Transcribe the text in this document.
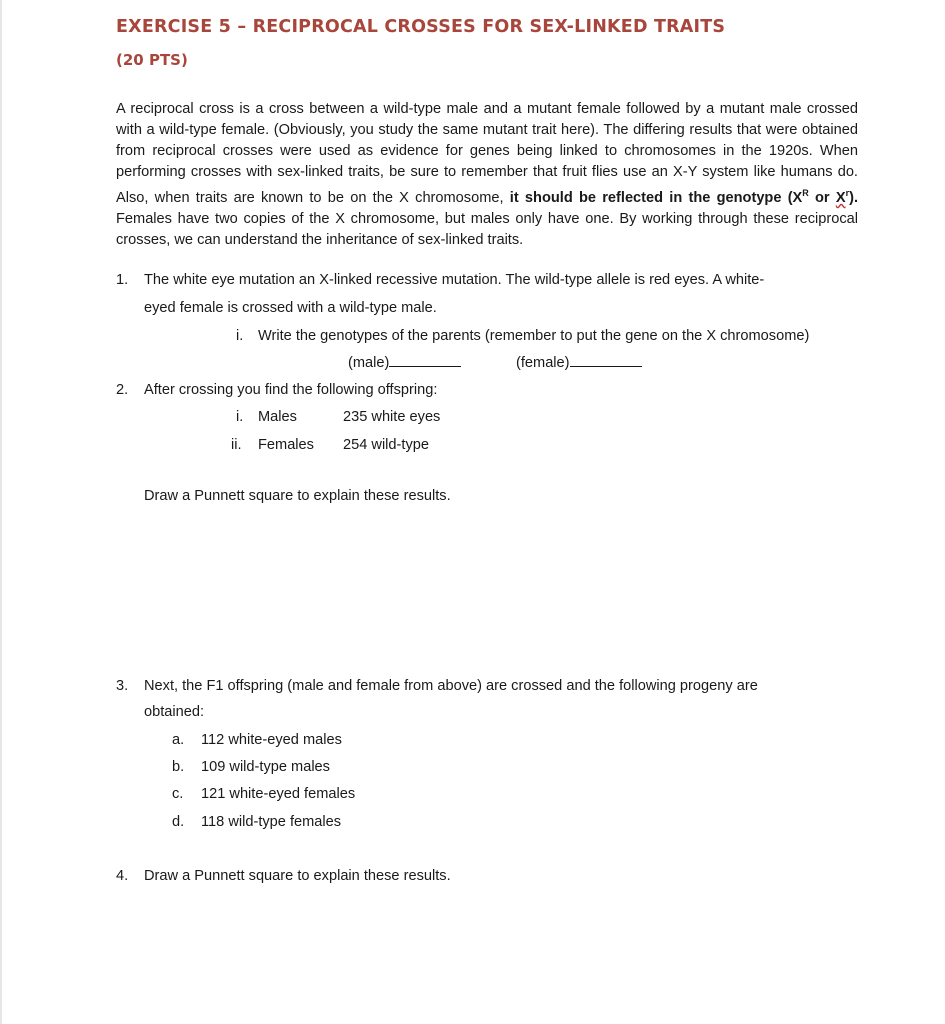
EXERCISE 5 – RECIPROCAL CROSSES FOR SEX-LINKED TRAITS
(20 PTS)

A reciprocal cross is a cross between a wild-type male and a mutant female followed by a mutant male crossed with a wild-type female. (Obviously, you study the same mutant trait here). The differing results that were obtained from reciprocal crosses were used as evidence for genes being linked to chromosomes in the 1920s. When performing crosses with sex-linked traits, be sure to remember that fruit flies use an X-Y system like humans do. Also, when traits are known to be on the X chromosome, it should be reflected in the genotype ($X^R$ or $X^r$). Females have two copies of the X chromosome, but males only have one. By working through these reciprocal crosses, we can understand the inheritance of sex-linked traits.

1. The white eye mutation an X-linked recessive mutation. The wild-type allele is red eyes. A white-
eyed female is crossed with a wild-type male.
i. Write the genotypes of the parents (remember to put the gene on the X chromosome)
(male)	(female)
2. After crossing you find the following offspring:
i. Males	235 white eyes
ii. Females 254 wild-type
Draw a Punnett square to explain these results.
3. Next, the F1 offspring (male and female from above) are crossed and the following progeny are
obtained:
a. 112 white-eyed males
b. 109 wild-type males
c. 121 white-eyed females
d. 118 wild-type females
4. Draw a Punnett square to explain these results.
